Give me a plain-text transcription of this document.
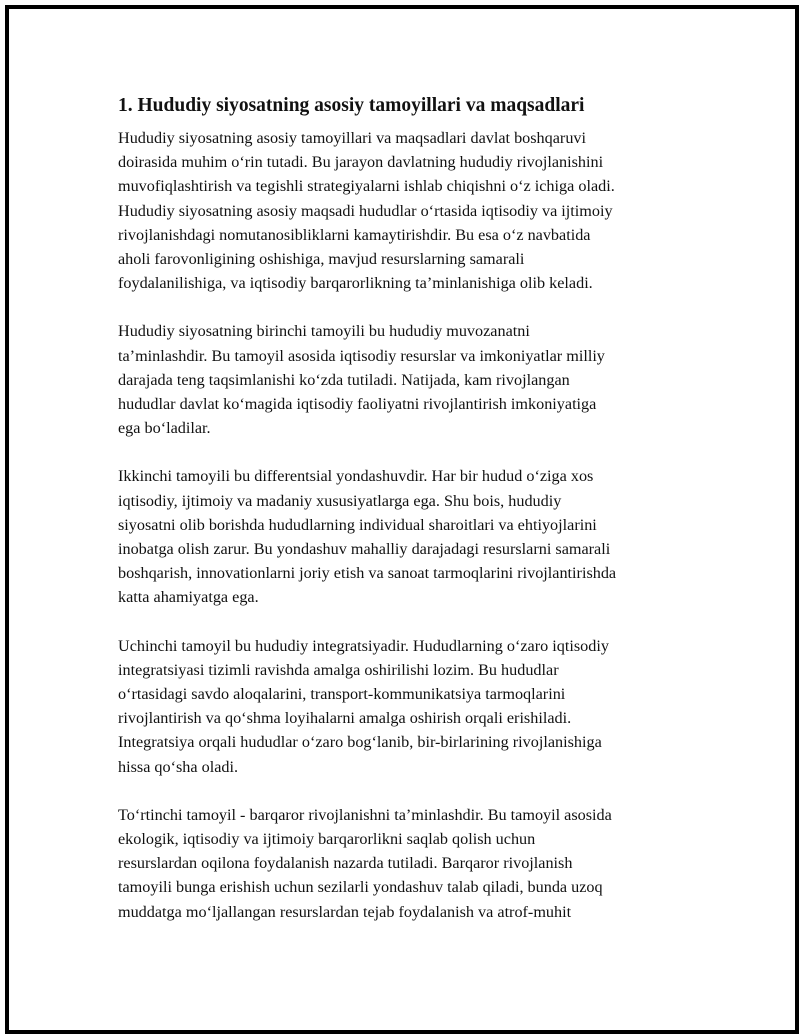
1. Hududiy siyosatning asosiy tamoyillari va maqsadlari

Hududiy siyosatning asosiy tamoyillari va maqsadlari davlat boshqaruvi
doirasida muhim o‘rin tutadi. Bu jarayon davlatning hududiy rivojlanishini
muvofiqlashtirish va tegishli strategiyalarni ishlab chiqishni o‘z ichiga oladi.
Hududiy siyosatning asosiy maqsadi hududlar o‘rtasida iqtisodiy va ijtimoiy
rivojlanishdagi nomutanosibliklarni kamaytirishdir. Bu esa o‘z navbatida
aholi farovonligining oshishiga, mavjud resurslarning samarali
foydalanilishiga, va iqtisodiy barqarorlikning ta’minlanishiga olib keladi.

Hududiy siyosatning birinchi tamoyili bu hududiy muvozanatni
ta’minlashdir. Bu tamoyil asosida iqtisodiy resurslar va imkoniyatlar milliy
darajada teng taqsimlanishi ko‘zda tutiladi. Natijada, kam rivojlangan
hududlar davlat ko‘magida iqtisodiy faoliyatni rivojlantirish imkoniyatiga
ega bo‘ladilar.

Ikkinchi tamoyili bu differentsial yondashuvdir. Har bir hudud o‘ziga xos
iqtisodiy, ijtimoiy va madaniy xususiyatlarga ega. Shu bois, hududiy
siyosatni olib borishda hududlarning individual sharoitlari va ehtiyojlarini
inobatga olish zarur. Bu yondashuv mahalliy darajadagi resurslarni samarali
boshqarish, innovationlarni joriy etish va sanoat tarmoqlarini rivojlantirishda
katta ahamiyatga ega.

Uchinchi tamoyil bu hududiy integratsiyadir. Hududlarning o‘zaro iqtisodiy
integratsiyasi tizimli ravishda amalga oshirilishi lozim. Bu hududlar
o‘rtasidagi savdo aloqalarini, transport-kommunikatsiya tarmoqlarini
rivojlantirish va qo‘shma loyihalarni amalga oshirish orqali erishiladi.
Integratsiya orqali hududlar o‘zaro bog‘lanib, bir-birlarining rivojlanishiga
hissa qo‘sha oladi.

To‘rtinchi tamoyil - barqaror rivojlanishni ta’minlashdir. Bu tamoyil asosida
ekologik, iqtisodiy va ijtimoiy barqarorlikni saqlab qolish uchun
resurslardan oqilona foydalanish nazarda tutiladi. Barqaror rivojlanish
tamoyili bunga erishish uchun sezilarli yondashuv talab qiladi, bunda uzoq
muddatga mo‘ljallangan resurslardan tejab foydalanish va atrof-muhit
